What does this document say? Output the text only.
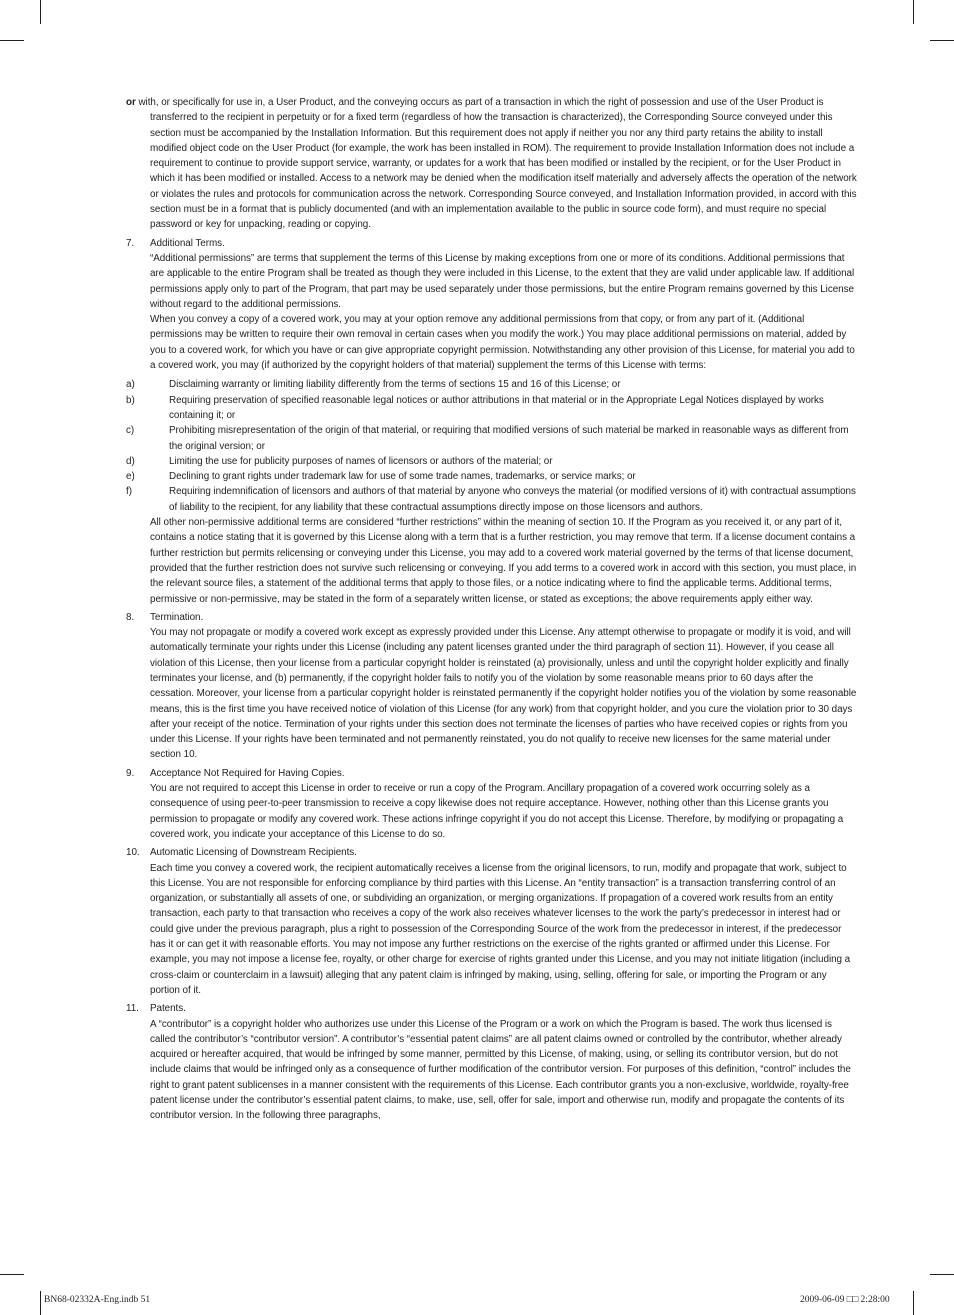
or with, or specifically for use in, a User Product, and the conveying occurs as part of a transaction in which the right of possession and use of the User Product is transferred to the recipient in perpetuity or for a fixed term (regardless of how the transaction is characterized), the Corresponding Source conveyed under this section must be accompanied by the Installation Information. But this requirement does not apply if neither you nor any third party retains the ability to install modified object code on the User Product (for example, the work has been installed in ROM). The requirement to provide Installation Information does not include a requirement to continue to provide support service, warranty, or updates for a work that has been modified or installed by the recipient, or for the User Product in which it has been modified or installed. Access to a network may be denied when the modification itself materially and adversely affects the operation of the network or violates the rules and protocols for communication across the network. Corresponding Source conveyed, and Installation Information provided, in accord with this section must be in a format that is publicly documented (and with an implementation available to the public in source code form), and must require no special password or key for unpacking, reading or copying.

7. Additional Terms.

“Additional permissions” are terms that supplement the terms of this License by making exceptions from one or more of its conditions. Additional permissions that are applicable to the entire Program shall be treated as though they were included in this License, to the extent that they are valid under applicable law. If additional permissions apply only to part of the Program, that part may be used separately under those permissions, but the entire Program remains governed by this License without regard to the additional permissions.

When you convey a copy of a covered work, you may at your option remove any additional permissions from that copy, or from any part of it. (Additional permissions may be written to require their own removal in certain cases when you modify the work.) You may place additional permissions on material, added by you to a covered work, for which you have or can give appropriate copyright permission. Notwithstanding any other provision of this License, for material you add to a covered work, you may (if authorized by the copyright holders of that material) supplement the terms of this License with terms:

a)	Disclaiming warranty or limiting liability differently from the terms of sections 15 and 16 of this License; or
b)	Requiring preservation of specified reasonable legal notices or author attributions in that material or in the Appropriate Legal Notices displayed by works containing it; or
c)	Prohibiting misrepresentation of the origin of that material, or requiring that modified versions of such material be marked in reasonable ways as different from the original version; or
d)	Limiting the use for publicity purposes of names of licensors or authors of the material; or
e)	Declining to grant rights under trademark law for use of some trade names, trademarks, or service marks; or
f)	Requiring indemnification of licensors and authors of that material by anyone who conveys the material (or modified versions of it) with contractual assumptions of liability to the recipient, for any liability that these contractual assumptions directly impose on those licensors and authors.

All other non-permissive additional terms are considered “further restrictions” within the meaning of section 10. If the Program as you received it, or any part of it, contains a notice stating that it is governed by this License along with a term that is a further restriction, you may remove that term. If a license document contains a further restriction but permits relicensing or conveying under this License, you may add to a covered work material governed by the terms of that license document, provided that the further restriction does not survive such relicensing or conveying. If you add terms to a covered work in accord with this section, you must place, in the relevant source files, a statement of the additional terms that apply to those files, or a notice indicating where to find the applicable terms. Additional terms, permissive or non-permissive, may be stated in the form of a separately written license, or stated as exceptions; the above requirements apply either way.

8. Termination.

You may not propagate or modify a covered work except as expressly provided under this License. Any attempt otherwise to propagate or modify it is void, and will automatically terminate your rights under this License (including any patent licenses granted under the third paragraph of section 11). However, if you cease all violation of this License, then your license from a particular copyright holder is reinstated (a) provisionally, unless and until the copyright holder explicitly and finally terminates your license, and (b) permanently, if the copyright holder fails to notify you of the violation by some reasonable means prior to 60 days after the cessation. Moreover, your license from a particular copyright holder is reinstated permanently if the copyright holder notifies you of the violation by some reasonable means, this is the first time you have received notice of violation of this License (for any work) from that copyright holder, and you cure the violation prior to 30 days after your receipt of the notice. Termination of your rights under this section does not terminate the licenses of parties who have received copies or rights from you under this License. If your rights have been terminated and not permanently reinstated, you do not qualify to receive new licenses for the same material under section 10.

9. Acceptance Not Required for Having Copies.

You are not required to accept this License in order to receive or run a copy of the Program. Ancillary propagation of a covered work occurring solely as a consequence of using peer-to-peer transmission to receive a copy likewise does not require acceptance. However, nothing other than this License grants you permission to propagate or modify any covered work. These actions infringe copyright if you do not accept this License. Therefore, by modifying or propagating a covered work, you indicate your acceptance of this License to do so.

10. Automatic Licensing of Downstream Recipients.

Each time you convey a covered work, the recipient automatically receives a license from the original licensors, to run, modify and propagate that work, subject to this License. You are not responsible for enforcing compliance by third parties with this License. An “entity transaction” is a transaction transferring control of an organization, or substantially all assets of one, or subdividing an organization, or merging organizations. If propagation of a covered work results from an entity transaction, each party to that transaction who receives a copy of the work also receives whatever licenses to the work the party’s predecessor in interest had or could give under the previous paragraph, plus a right to possession of the Corresponding Source of the work from the predecessor in interest, if the predecessor has it or can get it with reasonable efforts. You may not impose any further restrictions on the exercise of the rights granted or affirmed under this License. For example, you may not impose a license fee, royalty, or other charge for exercise of rights granted under this License, and you may not initiate litigation (including a cross-claim or counterclaim in a lawsuit) alleging that any patent claim is infringed by making, using, selling, offering for sale, or importing the Program or any portion of it.

11. Patents.

A “contributor” is a copyright holder who authorizes use under this License of the Program or a work on which the Program is based. The work thus licensed is called the contributor’s “contributor version”. A contributor’s “essential patent claims” are all patent claims owned or controlled by the contributor, whether already acquired or hereafter acquired, that would be infringed by some manner, permitted by this License, of making, using, or selling its contributor version, but do not include claims that would be infringed only as a consequence of further modification of the contributor version. For purposes of this definition, “control” includes the right to grant patent sublicenses in a manner consistent with the requirements of this License. Each contributor grants you a non-exclusive, worldwide, royalty-free patent license under the contributor’s essential patent claims, to make, use, sell, offer for sale, import and otherwise run, modify and propagate the contents of its contributor version. In the following three paragraphs,

BN68-02332A-Eng.indb 51	2009-06-09 □□ 2:28:00
